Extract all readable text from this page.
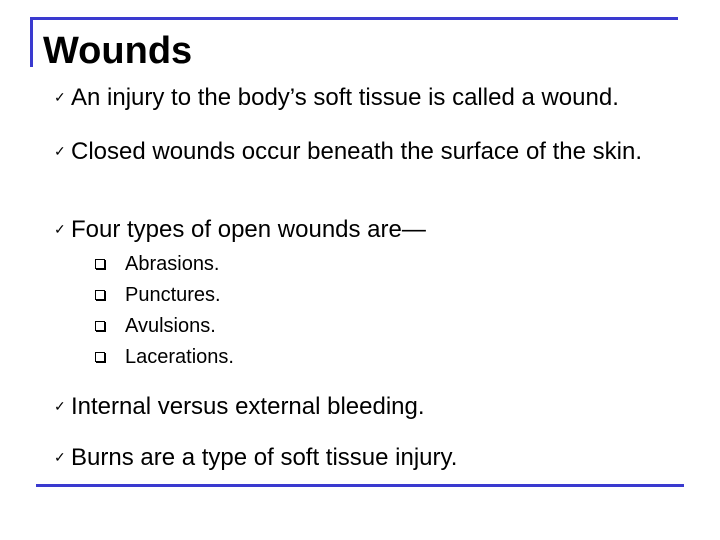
Wounds
✓ An injury to the body’s soft tissue is called a wound.
✓ Closed wounds occur beneath the surface of the skin.
✓ Four types of open wounds are—
Abrasions.
Punctures.
Avulsions.
Lacerations.
✓ Internal versus external bleeding.
✓ Burns are a type of soft tissue injury.
